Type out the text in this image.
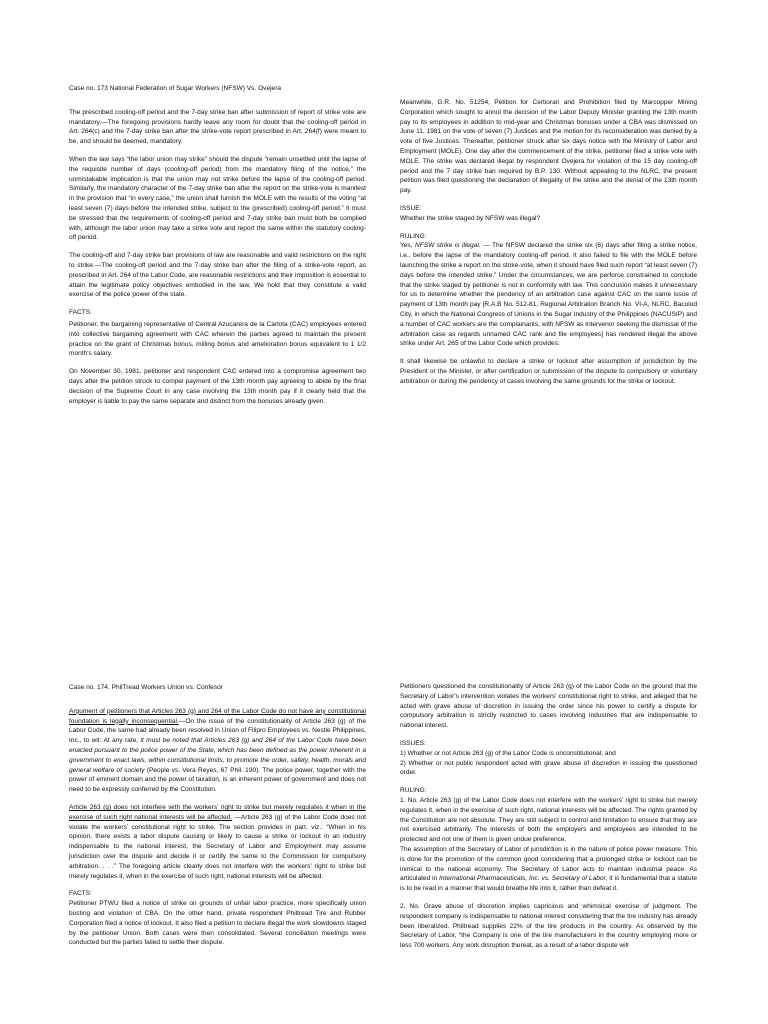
Case no. 173 National Federation of Sugar Workers (NFSW) Vs. Ovejera

The prescribed cooling-off period and the 7-day strike ban after submission of report of strike vote are mandatory.—The foregoing provisions hardly leave any room for doubt that the cooling-off period in Art. 264(c) and the 7-day strike ban after the strike-vote report prescribed in Art. 264(f) were meant to be, and should be deemed, mandatory.

When the law says “the labor union may strike” should the dispute “remain unsettled until the lapse of the requisite number of days (cooling-off period) from the mandatory filing of the notice,” the unmistakable implication is that the union may not strike before the lapse of the cooling-off period. Similarly, the mandatory character of the 7-day strike ban after the report on the strike-vote is manifest in the provision that “in every case,” the union shall furnish the MOLE with the results of the voting “at least seven (7) days before the intended strike, subject to the (prescribed) cooling-off period.” It must be stressed that the requirements of cooling-off period and 7-day strike ban must both be complied with, although the labor union may take a strike vote and report the same within the statutory cooling-off period.

The cooling-off and 7-day strike ban provisions of law are reasonable and valid restrictions on the right to strike.—The cooling-off period and the 7-day strike ban after the filing of a strike-vote report, as prescribed in Art. 264 of the Labor Code, are reasonable restrictions and their imposition is essential to attain the legitimate policy objectives embodied in the law. We hold that they constitute a valid exercise of the police power of the state.

FACTS:

Petitioner, the bargaining representative of Central Azucarera de la Carlota (CAC) employees entered into collective bargaining agreement with CAC wherein the parties agreed to maintain the present practice on the grant of Christmas bonus, milling bonus and amelioration bonus equivalent to 1 1/2 month's salary.

On November 30, 1981, petitioner and respondent CAC entered into a compromise agreement two days after the petition struck to compel payment of the 13th month pay agreeing to abide by the final decision of the Supreme Court in any case involving the 13th month pay if it clearly held that the employer is liable to pay the same separate and distinct from the bonuses already given.

Meanwhile, G.R. No. 51254, Petition for Certiorari and Prohibition filed by Marcopper Mining Corporation which sought to annul the decision of the Labor Deputy Minister granting the 13th month pay to its employees in addition to mid-year and Christmas bonuses under a CBA was dismissed on June 11, 1981 on the vote of seven (7) Justices and the motion for its reconsideration was denied by a vote of five Justices. Thereafter, petitioner struck after six days notice with the Ministry of Labor and Employment (MOLE). One day after the commencement of the strike, petitioner filed a strike vote with MOLE. The strike was declared illegal by respondent Ovejera for violation of the 15 day cooling-off period and the 7 day strike ban required by B.P. 130. Without appealing to the NLRC, the present petition was filed questioning the declaration of illegality of the strike and the denial of the 13th month pay.

ISSUE:

Whether the strike staged by NFSW was illegal?

RULING:

Yes, NFSW strike is illegal. — The NFSW declared the strike six (6) days after filing a strike notice, i.e., before the lapse of the mandatory cooling-off period. It also failed to file with the MOLE before launching the strike a report on the strike-vote, when it should have filed such report “at least seven (7) days before the intended strike.” Under the circumstances, we are perforce constrained to conclude that the strike staged by petitioner is not in conformity with law. This conclusion makes it unnecessary for us to determine whether the pendency of an arbitration case against CAC on the same issue of payment of 13th month pay [R.A.B No. 512-81, Regional Arbitration Branch No. VI-A, NLRC, Bacolod City, in which the National Congress of Unions in the Sugar Industry of the Philippines (NACUSIP) and a number of CAC workers are the complainants, with NFSW as Intervenor seeking the dismissal of the arbitration case as regards unnamed CAC rank and file employees] has rendered illegal the above strike under Art. 265 of the Labor Code which provides:

It shall likewise be unlawful to declare a strike or lockout after assumption of jurisdiction by the President or the Minister, or after certification or submission of the dispute to compulsory or voluntary arbitration or during the pendency of cases involving the same grounds for the strike or lockout.

Case no. 174. PhilTread Workers Union vs. Confesor

Argument of petitioners that Articles 263 (g) and 264 of the Labor Code do not have any constitutional foundation is legally inconsequential.—On the issue of the constitutionality of Article 263 (g) of the Labor Code, the same had already been resolved in Union of Filipro Employees vs. Nestle Philippines, Inc., to wit: At any rate, it must be noted that Articles 263 (g) and 264 of the Labor Code have been enacted pursuant to the police power of the State, which has been defined as the power inherent in a government to enact laws, within constitutional limits, to promote the order, safety, health, morals and general welfare of society (People vs. Vera Reyes, 67 Phil. 190). The police power, together with the power of eminent domain and the power of taxation, is an inherent power of government and does not need to be expressly conferred by the Constitution.

Article 263 (g) does not interfere with the workers’ right to strike but merely regulates it when in the exercise of such right national interests will be affected. —Article 263 (g) of the Labor Code does not violate the workers’ constitutional right to strike. The section provides in part, viz.: “When in his opinion, there exists a labor dispute causing or likely to cause a strike or lockout in an industry indispensable to the national interest, the Secretary of Labor and Employment may assume jurisdiction over the dispute and decide it or certify the same to the Commission for compulsory arbitration. . . .” The foregoing article clearly does not interfere with the workers’ right to strike but merely regulates it, when in the exercise of such right, national interests will be affected.

FACTS:

Petitioner PTWU filed a notice of strike on grounds of unfair labor practice, more specifically union busting and violation of CBA. On the other hand, private respondent Philtread Tire and Rubber Corporation filed a notice of lockout. It also filed a petition to declare illegal the work slowdowns staged by the petitioner Union. Both cases were then consolidated. Several conciliation meetings were conducted but the parties failed to settle their dispute.

Petitioners questioned the constitutionality of Article 263 (g) of the Labor Code on the ground that the Secretary of Labor's intervention violates the workers' constitutional right to strike, and alleged that he acted with grave abuse of discretion in issuing the order since his power to certify a dispute for compulsory arbitration is strictly restricted to cases involving industries that are indispensable to national interest.

ISSUES:

1) Whether or not Article 263 (g) of the Labor Code is unconstitutional; and

2) Whether or not public respondent acted with grave abuse of discretion in issuing the questioned order.

RULING:

1. No. Article 263 (g) of the Labor Code does not interfere with the workers' right to strike but merely regulates it, when in the exercise of such right, national interests will be affected. The rights granted by the Constitution are not absolute. They are still subject to control and limitation to ensure that they are not exercised arbitrarily. The interests of both the employers and employees are intended to be protected and not one of them is given undue preference.

The assumption of the Secretary of Labor of jurisdiction is in the nature of police power measure. This is done for the promotion of the common good considering that a prolonged strike or lockout can be inimical to the national economy. The Secretary of Labor acts to maintain industrial peace. As articulated in International Pharmaceuticals, Inc. vs. Secretary of Labor, it is fundamental that a statute is to be read in a manner that would breathe life into it, rather than defeat it.

2. No. Grave abuse of discretion implies capricious and whimsical exercise of judgment. The respondent company is indispensable to national interest considering that the tire industry has already been liberalized. Philtread supplies 22% of the tire products in the country. As observed by the Secretary of Labor, “the Company is one of the tire manufacturers in the country employing more or less 700 workers. Any work disruption thereat, as a result of a labor dispute will
